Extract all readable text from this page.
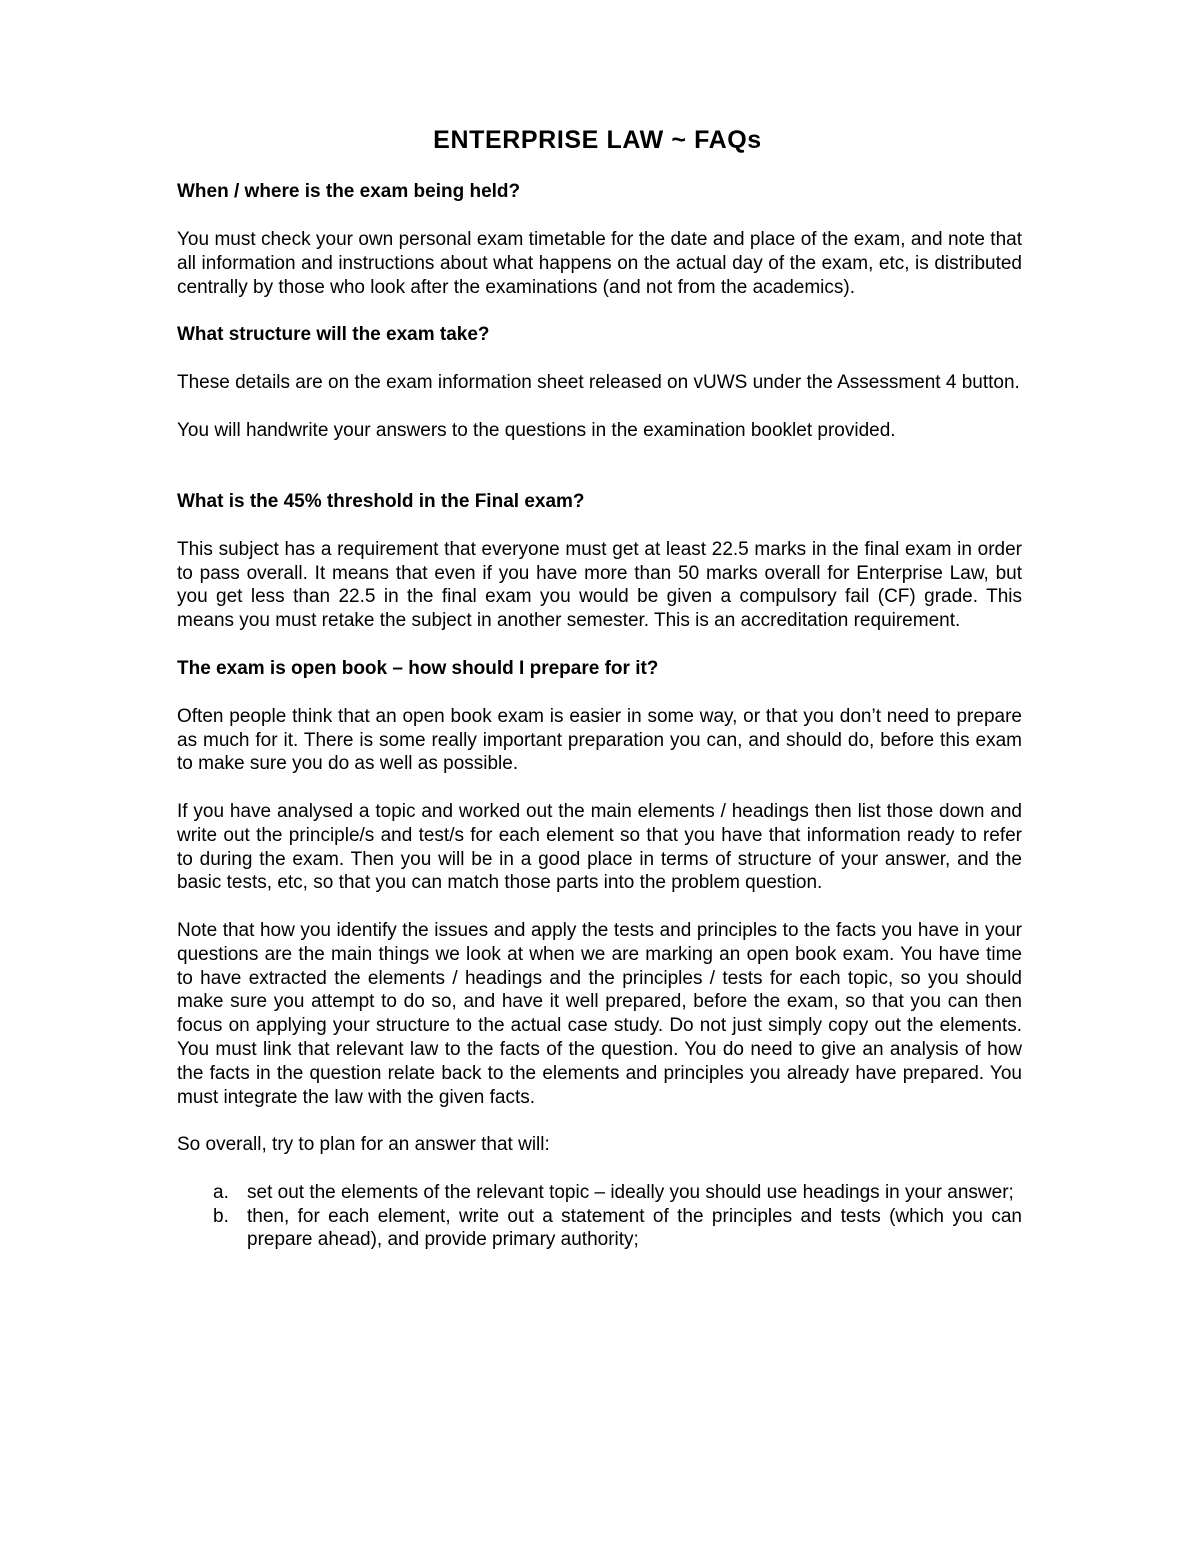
ENTERPRISE LAW ~ FAQs
When / where is the exam being held?

You must check your own personal exam timetable for the date and place of the exam, and note that all information and instructions about what happens on the actual day of the exam, etc, is distributed centrally by those who look after the examinations (and not from the academics).

What structure will the exam take?

These details are on the exam information sheet released on vUWS under the Assessment 4 button.

You will handwrite your answers to the questions in the examination booklet provided.

What is the 45% threshold in the Final exam?

This subject has a requirement that everyone must get at least 22.5 marks in the final exam in order to pass overall. It means that even if you have more than 50 marks overall for Enterprise Law, but you get less than 22.5 in the final exam you would be given a compulsory fail (CF) grade. This means you must retake the subject in another semester. This is an accreditation requirement.

The exam is open book – how should I prepare for it?

Often people think that an open book exam is easier in some way, or that you don’t need to prepare as much for it. There is some really important preparation you can, and should do, before this exam to make sure you do as well as possible.

If you have analysed a topic and worked out the main elements / headings then list those down and write out the principle/s and test/s for each element so that you have that information ready to refer to during the exam. Then you will be in a good place in terms of structure of your answer, and the basic tests, etc, so that you can match those parts into the problem question.

Note that how you identify the issues and apply the tests and principles to the facts you have in your questions are the main things we look at when we are marking an open book exam. You have time to have extracted the elements / headings and the principles / tests for each topic, so you should make sure you attempt to do so, and have it well prepared, before the exam, so that you can then focus on applying your structure to the actual case study. Do not just simply copy out the elements. You must link that relevant law to the facts of the question. You do need to give an analysis of how the facts in the question relate back to the elements and principles you already have prepared. You must integrate the law with the given facts.

So overall, try to plan for an answer that will:

a. set out the elements of the relevant topic – ideally you should use headings in your answer;
b. then, for each element, write out a statement of the principles and tests (which you can prepare ahead), and provide primary authority;
